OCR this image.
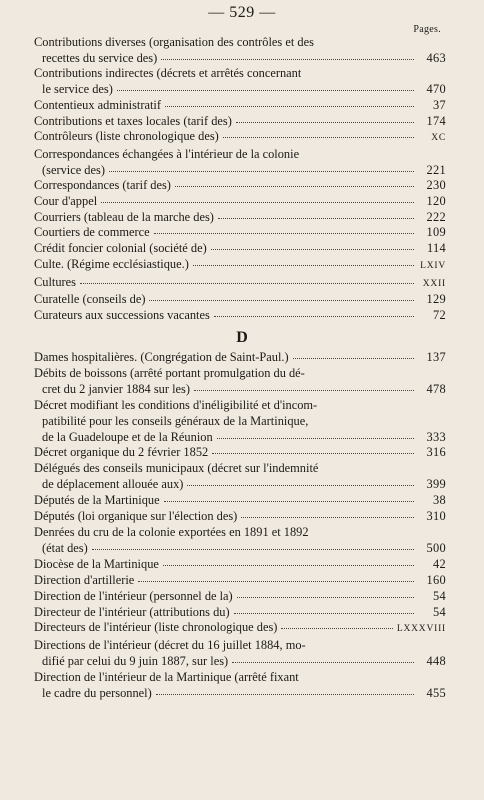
— 529 —
Pages.
Contributions diverses (organisation des contrôles et des
recettes du service des)	463
Contributions indirectes (décrets et arrêtés concernant
le service des)	470
Contentieux administratif	37
Contributions et taxes locales (tarif des)	174
Contrôleurs (liste chronologique des)	XC
Correspondances échangées à l'intérieur de la colonie
(service des)	221
Correspondances (tarif des)	230
Cour d'appel	120
Courriers (tableau de la marche des)	222
Courtiers de commerce	109
Crédit foncier colonial (société de)	114
Culte. (Régime ecclésiastique.)	LXIV
Cultures	XXII
Curatelle (conseils de)	129
Curateurs aux successions vacantes	72
D
Dames hospitalières. (Congrégation de Saint-Paul.)	137
Débits de boissons (arrêté portant promulgation du dé-
cret du 2 janvier 1884 sur les)	478
Décret modifiant les conditions d'inéligibilité et d'incom-
patibilité pour les conseils généraux de la Martinique,
de la Guadeloupe et de la Réunion	333
Décret organique du 2 février 1852	316
Délégués des conseils municipaux (décret sur l'indemnité
de déplacement allouée aux)	399
Députés de la Martinique	38
Députés (loi organique sur l'élection des)	310
Denrées du cru de la colonie exportées en 1891 et 1892
(état des)	500
Diocèse de la Martinique	42
Direction d'artillerie	160
Direction de l'intérieur (personnel de la)	54
Directeur de l'intérieur (attributions du)	54
Directeurs de l'intérieur (liste chronologique des)	LXXXVIII
Directions de l'intérieur (décret du 16 juillet 1884, mo-
difié par celui du 9 juin 1887, sur les)	448
Direction de l'intérieur de la Martinique (arrêté fixant
le cadre du personnel)	455
